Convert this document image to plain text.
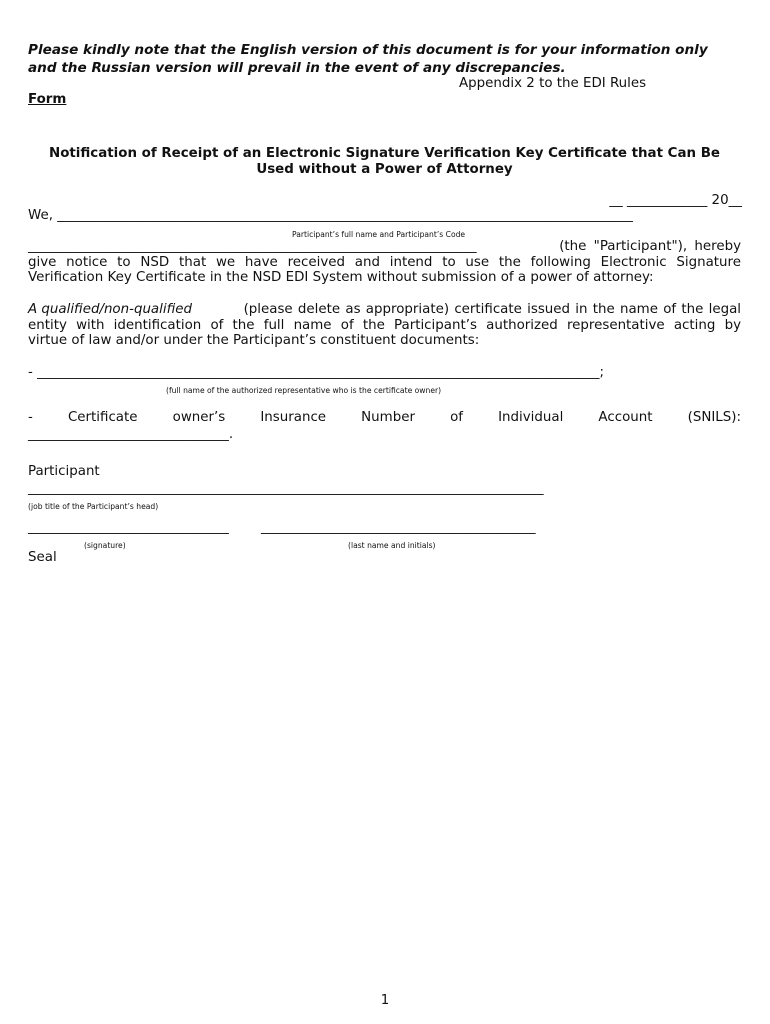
Please kindly note that the English version of this document is for your information only

and the Russian version will prevail in the event of any discrepancies.

Appendix 2 to the EDI Rules

Form

Notification of Receipt of an Electronic Signature Verification Key Certificate that Can Be
Used without a Power of Attorney

__ ____________ 20__

We, ______________________________________________________________________________________

Participant’s full name and Participant’s Code

___________________________________________________________________	(the "Participant"), hereby
give notice to NSD that we have received and intend to use the following Electronic Signature
Verification Key Certificate in the NSD EDI System without submission of a power of attorney:
A qualified/non-qualified	(please delete as appropriate) certificate issued in the name of the legal
entity with identification of the full name of the Participant’s authorized representative acting by
virtue of law and/or under the Participant’s constituent documents:

- ____________________________________________________________________________________;

(full name of the authorized representative who is the certificate owner)

- Certificate owner’s Insurance Number of Individual Account (SNILS):

______________________________.

Participant

_____________________________________________________________________________

(job title of the Participant’s head)

______________________________ _________________________________________

(signature)	(last name and initials)

Seal

1
